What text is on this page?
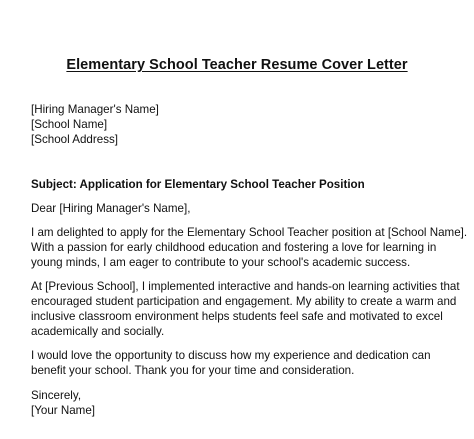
Elementary School Teacher Resume Cover Letter
[Hiring Manager's Name]
[School Name]
[School Address]
Subject: Application for Elementary School Teacher Position
Dear [Hiring Manager's Name],
I am delighted to apply for the Elementary School Teacher position at [School Name].
With a passion for early childhood education and fostering a love for learning in
young minds, I am eager to contribute to your school's academic success.
At [Previous School], I implemented interactive and hands-on learning activities that
encouraged student participation and engagement. My ability to create a warm and
inclusive classroom environment helps students feel safe and motivated to excel
academically and socially.
I would love the opportunity to discuss how my experience and dedication can
benefit your school. Thank you for your time and consideration.
Sincerely,
[Your Name]
